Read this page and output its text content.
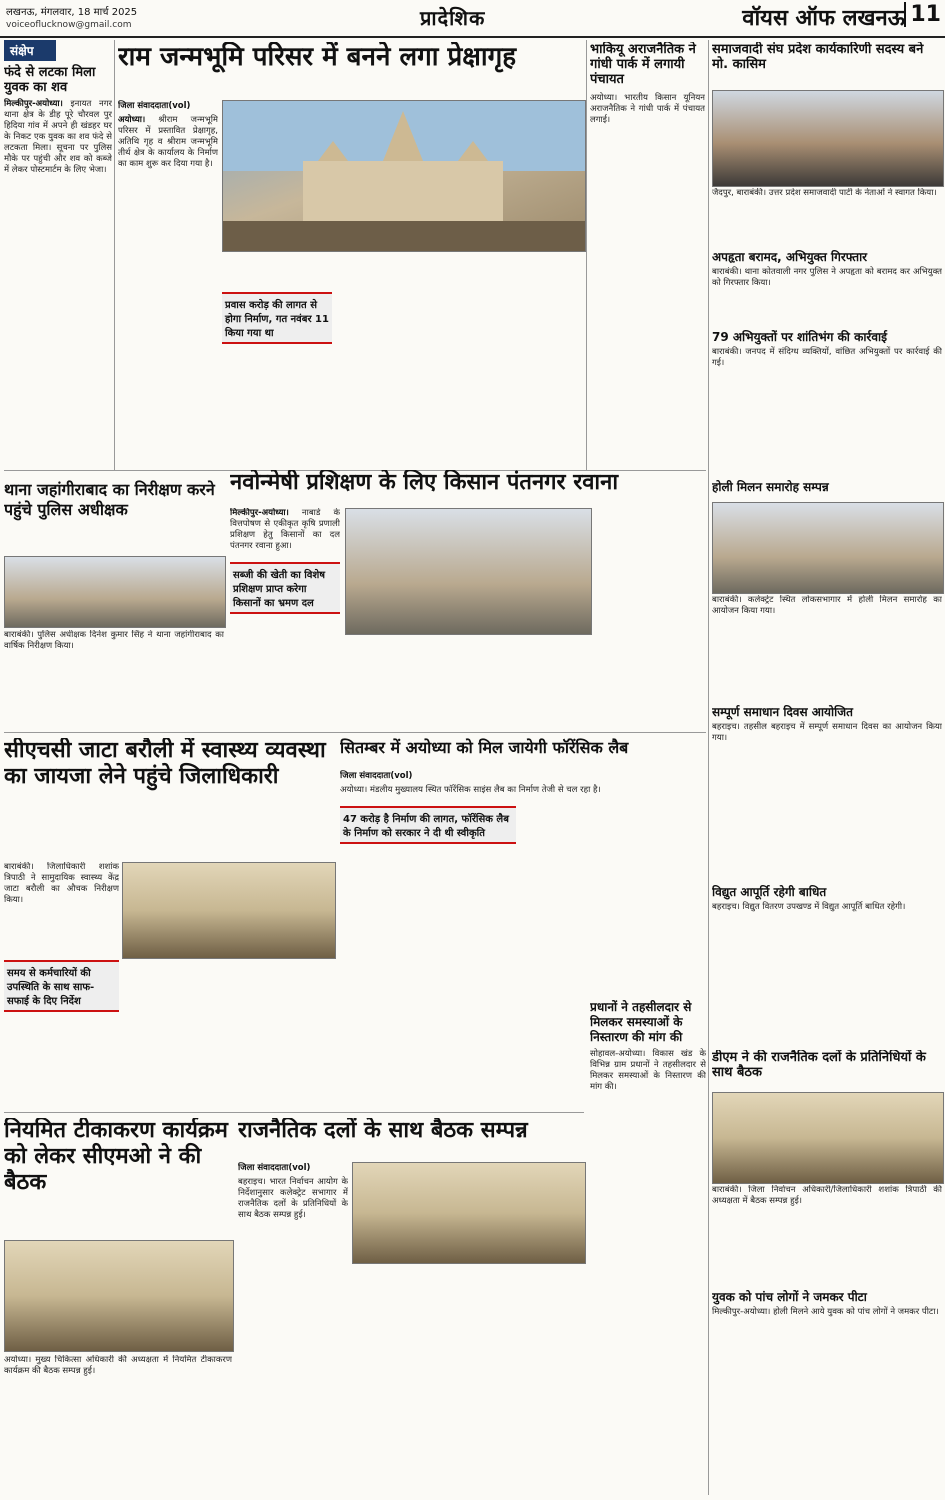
लखनऊ, मंगलवार, 18 मार्च 2025
voiceoflucknow@gmail.com	प्रादेशिक	वॉयस ऑफ लखनऊ 11
संक्षेप
फंदे से लटका मिला युवक का शव
मिल्कीपुर-अयोध्या। इनायत नगर थाना क्षेत्र के डीह पूरे चौरवल पुर हिदिया गांव में अपने ही खंडहर घर के निकट एक युवक का शव फंदे से लटकता मिला। सूचना पर पुलिस मौके पर पहुंची और शव को कब्जे में लेकर पोस्टमार्टम के लिए भेजा।
राम जन्मभूमि परिसर में बनने लगा प्रेक्षागृह
जिला संवाददाता(vol)
अयोध्या। श्रीराम जन्मभूमि परिसर में प्रस्तावित प्रेक्षागृह, अतिथि गृह व श्रीराम जन्मभूमि तीर्थ क्षेत्र के कार्यालय के निर्माण का काम शुरू कर दिया गया है।
प्रवास करोड़ की लागत से होगा निर्माण, गत नवंबर 11 किया गया था
भाकियू अराजनैतिक ने गांधी पार्क में लगायी पंचायत
अयोध्या। भारतीय किसान यूनियन अराजनैतिक ने गांधी पार्क में पंचायत लगाई।
समाजवादी संघ प्रदेश कार्यकारिणी सदस्य बने मो. कासिम
जैदपुर, बाराबंकी। उत्तर प्रदेश समाजवादी पार्टी के नेताओं ने स्वागत किया।
अपहृता बरामद, अभियुक्त गिरफ्तार
बाराबंकी। थाना कोतवाली नगर पुलिस ने अपहृता को बरामद कर अभियुक्त को गिरफ्तार किया।
79 अभियुक्तों पर शांतिभंग की कार्रवाई
बाराबंकी। जनपद में संदिग्ध व्यक्तियों, वांछित अभियुक्तों पर कार्रवाई की गई।
होली मिलन समारोह सम्पन्न
बाराबंकी। कलेक्ट्रेट स्थित लोकसभागार में होली मिलन समारोह का आयोजन किया गया।
सम्पूर्ण समाधान दिवस आयोजित
बहराइच। तहसील बहराइच में सम्पूर्ण समाधान दिवस का आयोजन किया गया।
विद्युत आपूर्ति रहेगी बाधित
बहराइच। विद्युत वितरण उपखण्ड में विद्युत आपूर्ति बाधित रहेगी।
डीएम ने की राजनैतिक दलों के प्रतिनिधियों के साथ बैठक
बाराबंकी। जिला निर्वाचन अधिकारी/जिलाधिकारी शशांक त्रिपाठी की अध्यक्षता में बैठक सम्पन्न हुई।
युवक को पांच लोगों ने जमकर पीटा
मिल्कीपुर-अयोध्या। होली मिलने आये युवक को पांच लोगों ने जमकर पीटा।
थाना जहांगीराबाद का निरीक्षण करने पहुंचे पुलिस अधीक्षक
बाराबंकी। पुलिस अधीक्षक दिनेश कुमार सिंह ने थाना जहांगीराबाद का वार्षिक निरीक्षण किया।
नवोन्मेषी प्रशिक्षण के लिए किसान पंतनगर रवाना
मिल्कीपुर-अयोध्या। नाबार्ड के वित्तपोषण से एकीकृत कृषि प्रणाली प्रशिक्षण हेतु किसानों का दल पंतनगर रवाना हुआ।
सब्जी की खेती का विशेष प्रशिक्षण प्राप्त करेगा किसानों का भ्रमण दल
सीएचसी जाटा बरौली में स्वास्थ्य व्यवस्था का जायजा लेने पहुंचे जिलाधिकारी
बाराबंकी। जिलाधिकारी शशांक त्रिपाठी ने सामुदायिक स्वास्थ्य केंद्र जाटा बरौली का औचक निरीक्षण किया।
समय से कर्मचारियों की उपस्थिति के साथ साफ-सफाई के दिए निर्देश
सितम्बर में अयोध्या को मिल जायेगी फॉरेंसिक लैब
जिला संवाददाता(vol)
अयोध्या। मंडलीय मुख्यालय स्थित फॉरेंसिक साइंस लैब का निर्माण तेजी से चल रहा है।
47 करोड़ है निर्माण की लागत, फॉरेंसिक लैब के निर्माण को सरकार ने दी थी स्वीकृति
प्रधानों ने तहसीलदार से मिलकर समस्याओं के निस्तारण की मांग की
सोहावल-अयोध्या। विकास खंड के विभिन्न ग्राम प्रधानों ने तहसीलदार से मिलकर समस्याओं के निस्तारण की मांग की।
नियमित टीकाकरण कार्यक्रम को लेकर सीएमओ ने की बैठक
अयोध्या। मुख्य चिकित्सा अधिकारी की अध्यक्षता में नियमित टीकाकरण कार्यक्रम की बैठक सम्पन्न हुई।
राजनैतिक दलों के साथ बैठक सम्पन्न
जिला संवाददाता(vol)
बहराइच। भारत निर्वाचन आयोग के निर्देशानुसार कलेक्ट्रेट सभागार में राजनैतिक दलों के प्रतिनिधियों के साथ बैठक सम्पन्न हुई।
